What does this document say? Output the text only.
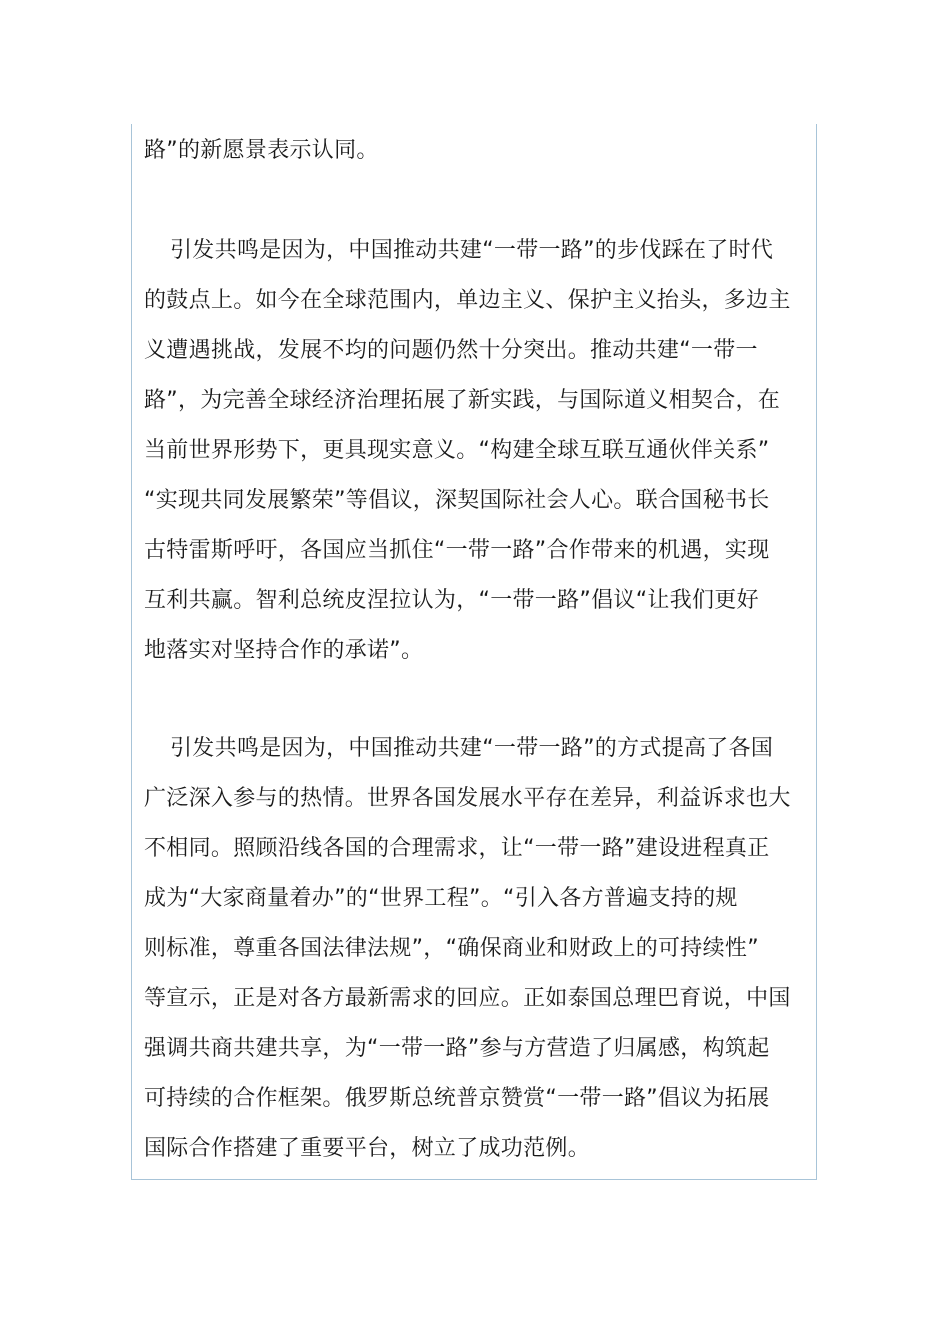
路”的新愿景表示认同。
引发共鸣是因为，中国推动共建“一带一路”的步伐踩在了时代
的鼓点上。如今在全球范围内，单边主义、保护主义抬头，多边主
义遭遇挑战，发展不均的问题仍然十分突出。推动共建“一带一
路”，为完善全球经济治理拓展了新实践，与国际道义相契合，在
当前世界形势下，更具现实意义。“构建全球互联互通伙伴关系”
“实现共同发展繁荣”等倡议，深契国际社会人心。联合国秘书长
古特雷斯呼吁，各国应当抓住“一带一路”合作带来的机遇，实现
互利共赢。智利总统皮涅拉认为，“一带一路”倡议“让我们更好
地落实对坚持合作的承诺”。
引发共鸣是因为，中国推动共建“一带一路”的方式提高了各国
广泛深入参与的热情。世界各国发展水平存在差异，利益诉求也大
不相同。照顾沿线各国的合理需求，让“一带一路”建设进程真正
成为“大家商量着办”的“世界工程”。“引入各方普遍支持的规
则标准，尊重各国法律法规”，“确保商业和财政上的可持续性”
等宣示，正是对各方最新需求的回应。正如泰国总理巴育说，中国
强调共商共建共享，为“一带一路”参与方营造了归属感，构筑起
可持续的合作框架。俄罗斯总统普京赞赏“一带一路”倡议为拓展
国际合作搭建了重要平台，树立了成功范例。
